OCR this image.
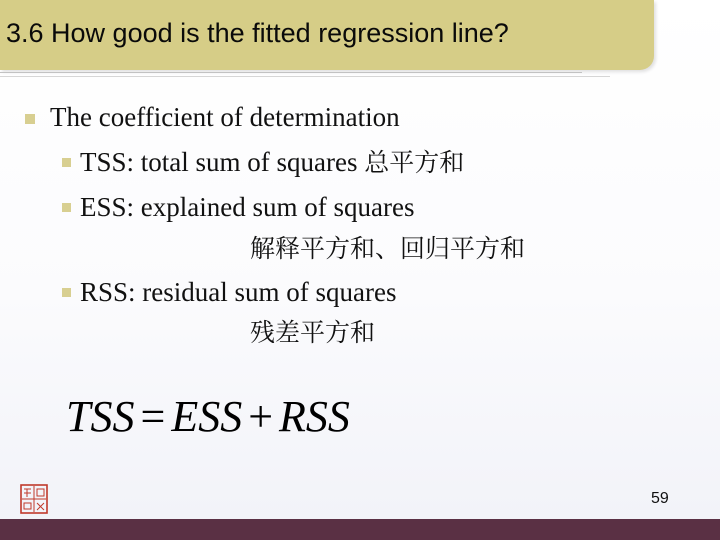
3.6 How good is the fitted regression line?
The coefficient of determination
TSS: total sum of squares 总平方和
ESS: explained sum of squares
解释平方和、回归平方和
RSS: residual sum of squares
残差平方和
TSS = ESS + RSS
59
